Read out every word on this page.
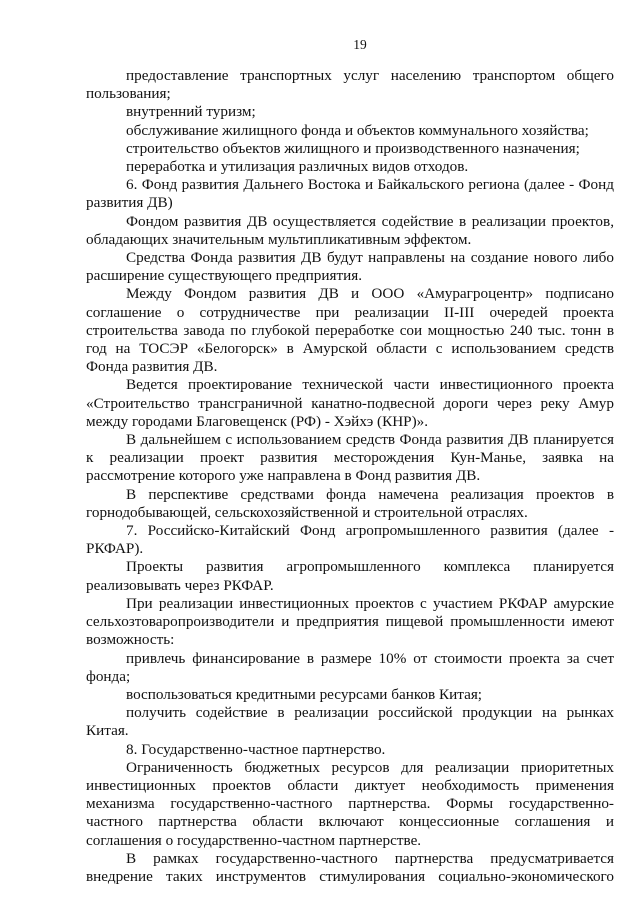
19

предоставление транспортных услуг населению транспортом общего

пользования;

внутренний туризм;

обслуживание жилищного фонда и объектов коммунального хозяйства;

строительство объектов жилищного и производственного назначения;

переработка и утилизация различных видов отходов.

6. Фонд развития Дальнего Востока и Байкальского региона (далее - Фонд

развития ДВ)

Фондом развития ДВ осуществляется содействие в реализации проектов,

обладающих значительным мультипликативным эффектом.

Средства Фонда развития ДВ будут направлены на создание нового либо

расширение существующего предприятия.

Между Фондом развития ДВ и ООО «Амурагроцентр» подписано

соглашение о сотрудничестве при реализации II-III очередей проекта

строительства завода по глубокой переработке сои мощностью 240 тыс. тонн в

год на ТОСЭР «Белогорск» в Амурской области с использованием средств

Фонда развития ДВ.

Ведется проектирование технической части инвестиционного проекта

«Строительство трансграничной канатно-подвесной дороги через реку Амур

между городами Благовещенск (РФ) - Хэйхэ (КНР)».

В дальнейшем с использованием средств Фонда развития ДВ планируется

к реализации проект развития месторождения Кун-Манье, заявка на

рассмотрение которого уже направлена в Фонд развития ДВ.

В перспективе средствами фонда намечена реализация проектов в

горнодобывающей, сельскохозяйственной и строительной отраслях.

7. Российско-Китайский Фонд агропромышленного развития (далее -

РКФАР).

Проекты развития агропромышленного комплекса планируется

реализовывать через РКФАР.

При реализации инвестиционных проектов с участием РКФАР амурские

сельхозтоваропроизводители и предприятия пищевой промышленности имеют

возможность:

привлечь финансирование в размере 10% от стоимости проекта за счет

фонда;

воспользоваться кредитными ресурсами банков Китая;

получить содействие в реализации российской продукции на рынках

Китая.

8. Государственно-частное партнерство.

Ограниченность бюджетных ресурсов для реализации приоритетных

инвестиционных проектов области диктует необходимость применения

механизма государственно-частного партнерства. Формы государственно-

частного партнерства области включают концессионные соглашения и

соглашения о государственно-частном партнерстве.

В рамках государственно-частного партнерства предусматривается

внедрение таких инструментов стимулирования социально-экономического
